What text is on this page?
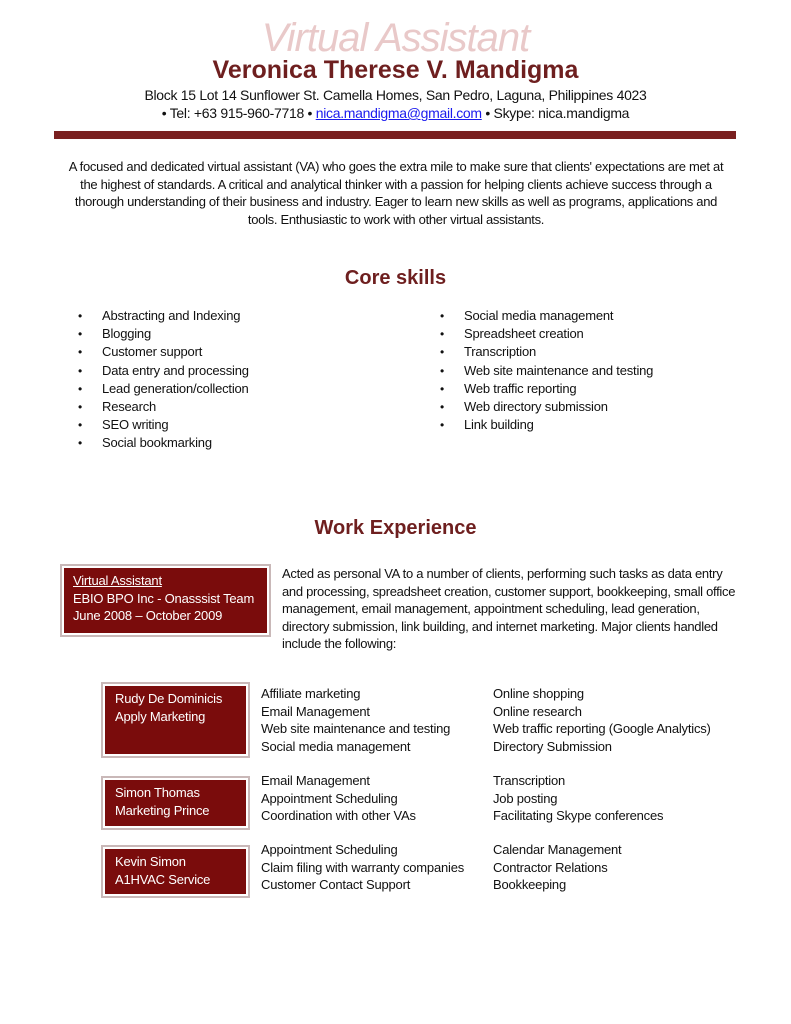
Virtual Assistant
Veronica Therese V. Mandigma
Block 15 Lot 14 Sunflower St. Camella Homes, San Pedro, Laguna, Philippines 4023
• Tel: +63 915-960-7718 • nica.mandigma@gmail.com • Skype: nica.mandigma
A focused and dedicated virtual assistant (VA) who goes the extra mile to make sure that clients' expectations are met at the highest of standards. A critical and analytical thinker with a passion for helping clients achieve success through a thorough understanding of their business and industry. Eager to learn new skills as well as programs, applications and tools. Enthusiastic to work with other virtual assistants.
Core skills
• Abstracting and Indexing
• Blogging
• Customer support
• Data entry and processing
• Lead generation/collection
• Research
• SEO writing
• Social bookmarking
• Social media management
• Spreadsheet creation
• Transcription
• Web site maintenance and testing
• Web traffic reporting
• Web directory submission
• Link building
Work Experience
Virtual Assistant
EBIO BPO Inc - Onasssist Team
June 2008 – October 2009
Acted as personal VA to a number of clients, performing such tasks as data entry and processing, spreadsheet creation, customer support, bookkeeping, small office management, email management, appointment scheduling, lead generation, directory submission, link building, and internet marketing. Major clients handled include the following:
Rudy De Dominicis
Apply Marketing
Affiliate marketing
Email Management
Web site maintenance and testing
Social media management
Online shopping
Online research
Web traffic reporting (Google Analytics)
Directory Submission
Simon Thomas
Marketing Prince
Email Management
Appointment Scheduling
Coordination with other VAs
Transcription
Job posting
Facilitating Skype conferences
Kevin Simon
A1HVAC Service
Appointment Scheduling
Claim filing with warranty companies
Customer Contact Support
Calendar Management
Contractor Relations
Bookkeeping
